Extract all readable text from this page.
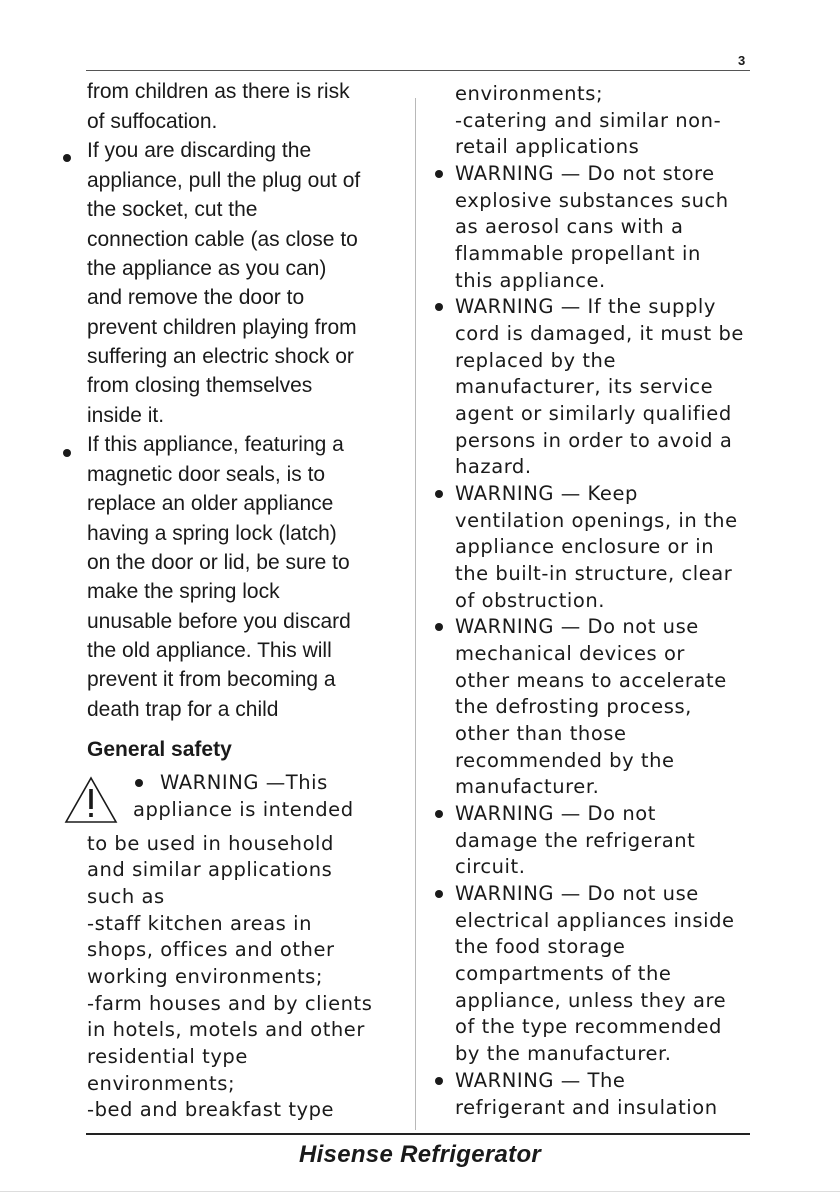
3
from children as there is risk
of suffocation.
If you are discarding the
appliance, pull the plug out of
the socket, cut the
connection cable (as close to
the appliance as you can)
and remove the door to
prevent children playing from
suffering an electric shock or
from closing themselves
inside it.
If this appliance, featuring a
magnetic door seals, is to
replace an older appliance
having a spring lock (latch)
on the door or lid, be sure to
make the spring lock
unusable before you discard
the old appliance. This will
prevent it from becoming a
death trap for a child
General safety
WARNING —This
appliance is intended
to be used in household
and similar applications
such as
-staff kitchen areas in
shops, offices and other
working environments;
-farm houses and by clients
in hotels, motels and other
residential type
environments;
-bed and breakfast type
environments;
-catering and similar non-
retail applications
WARNING — Do not store
explosive substances such
as aerosol cans with a
flammable propellant in
this appliance.
WARNING — If the supply
cord is damaged, it must be
replaced by the
manufacturer, its service
agent or similarly qualified
persons in order to avoid a
hazard.
WARNING — Keep
ventilation openings, in the
appliance enclosure or in
the built-in structure, clear
of obstruction.
WARNING — Do not use
mechanical devices or
other means to accelerate
the defrosting process,
other than those
recommended by the
manufacturer.
WARNING — Do not
damage the refrigerant
circuit.
WARNING — Do not use
electrical appliances inside
the food storage
compartments of the
appliance, unless they are
of the type recommended
by the manufacturer.
WARNING — The
refrigerant and insulation
Hisense Refrigerator
